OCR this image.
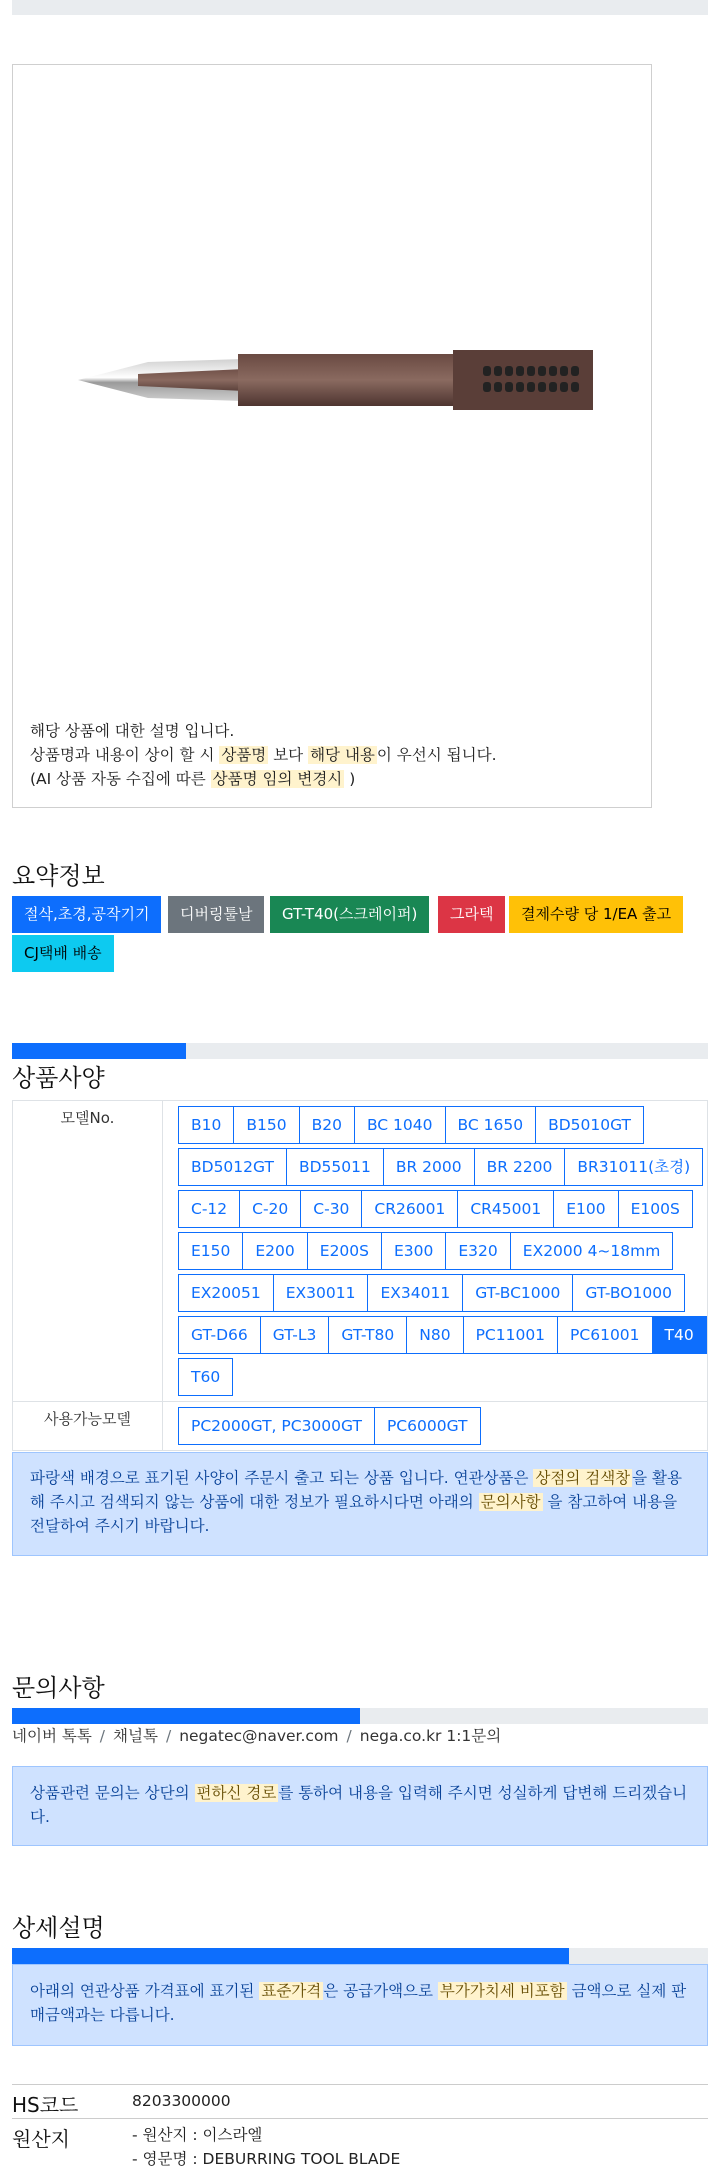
해당 상품에 대한 설명 입니다.
상품명과 내용이 상이 할 시 상품명 보다 해당 내용 이 우선시 됩니다.
(AI 상품 자동 수집에 따른 상품명 임의 변경시 )
요약정보
절삭,초경,공작기기	디버링툴날	GT-T40(스크레이퍼)	그라텍	결제수량 당 1/EA 출고
CJ택배 배송
상품사양
모델No.	B10	B150	B20	BC 1040	BC 1650	BD5010GT
BD5012GT	BD55011	BR 2000	BR 2200	BR31011(초경)
C-12	C-20	C-30	CR26001	CR45001	E100	E100S
E150	E200	E200S	E300	E320	EX2000 4~18mm
EX20051	EX30011	EX34011	GT-BC1000	GT-BO1000
GT-D66	GT-L3	GT-T80	N80	PC11001	PC61001	T40
T60
사용가능모델	PC2000GT, PC3000GT	PC6000GT
파랑색 배경으로 표기된 사양이 주문시 출고 되는 상품 입니다. 연관상품은 상점의 검색창 을 활용해 주시고 검색되지 않는 상품에 대한 정보가 필요하시다면 아래의 문의사항 을 참고하여 내용을 전달하여 주시기 바랍니다.
문의사항
네이버 톡톡 / 채널톡 / negatec@naver.com / nega.co.kr 1:1문의
상품관련 문의는 상단의 편하신 경로 를 통하여 내용을 입력해 주시면 성실하게 답변해 드리겠습니다.
상세설명
아래의 연관상품 가격표에 표기된 표준가격 은 공급가액으로 부가가치세 비포함 금액으로 실제 판매금액과는 다릅니다.
HS코드	8203300000
원산지	- 원산지 : 이스라엘
- 영문명 : DEBURRING TOOL BLADE
